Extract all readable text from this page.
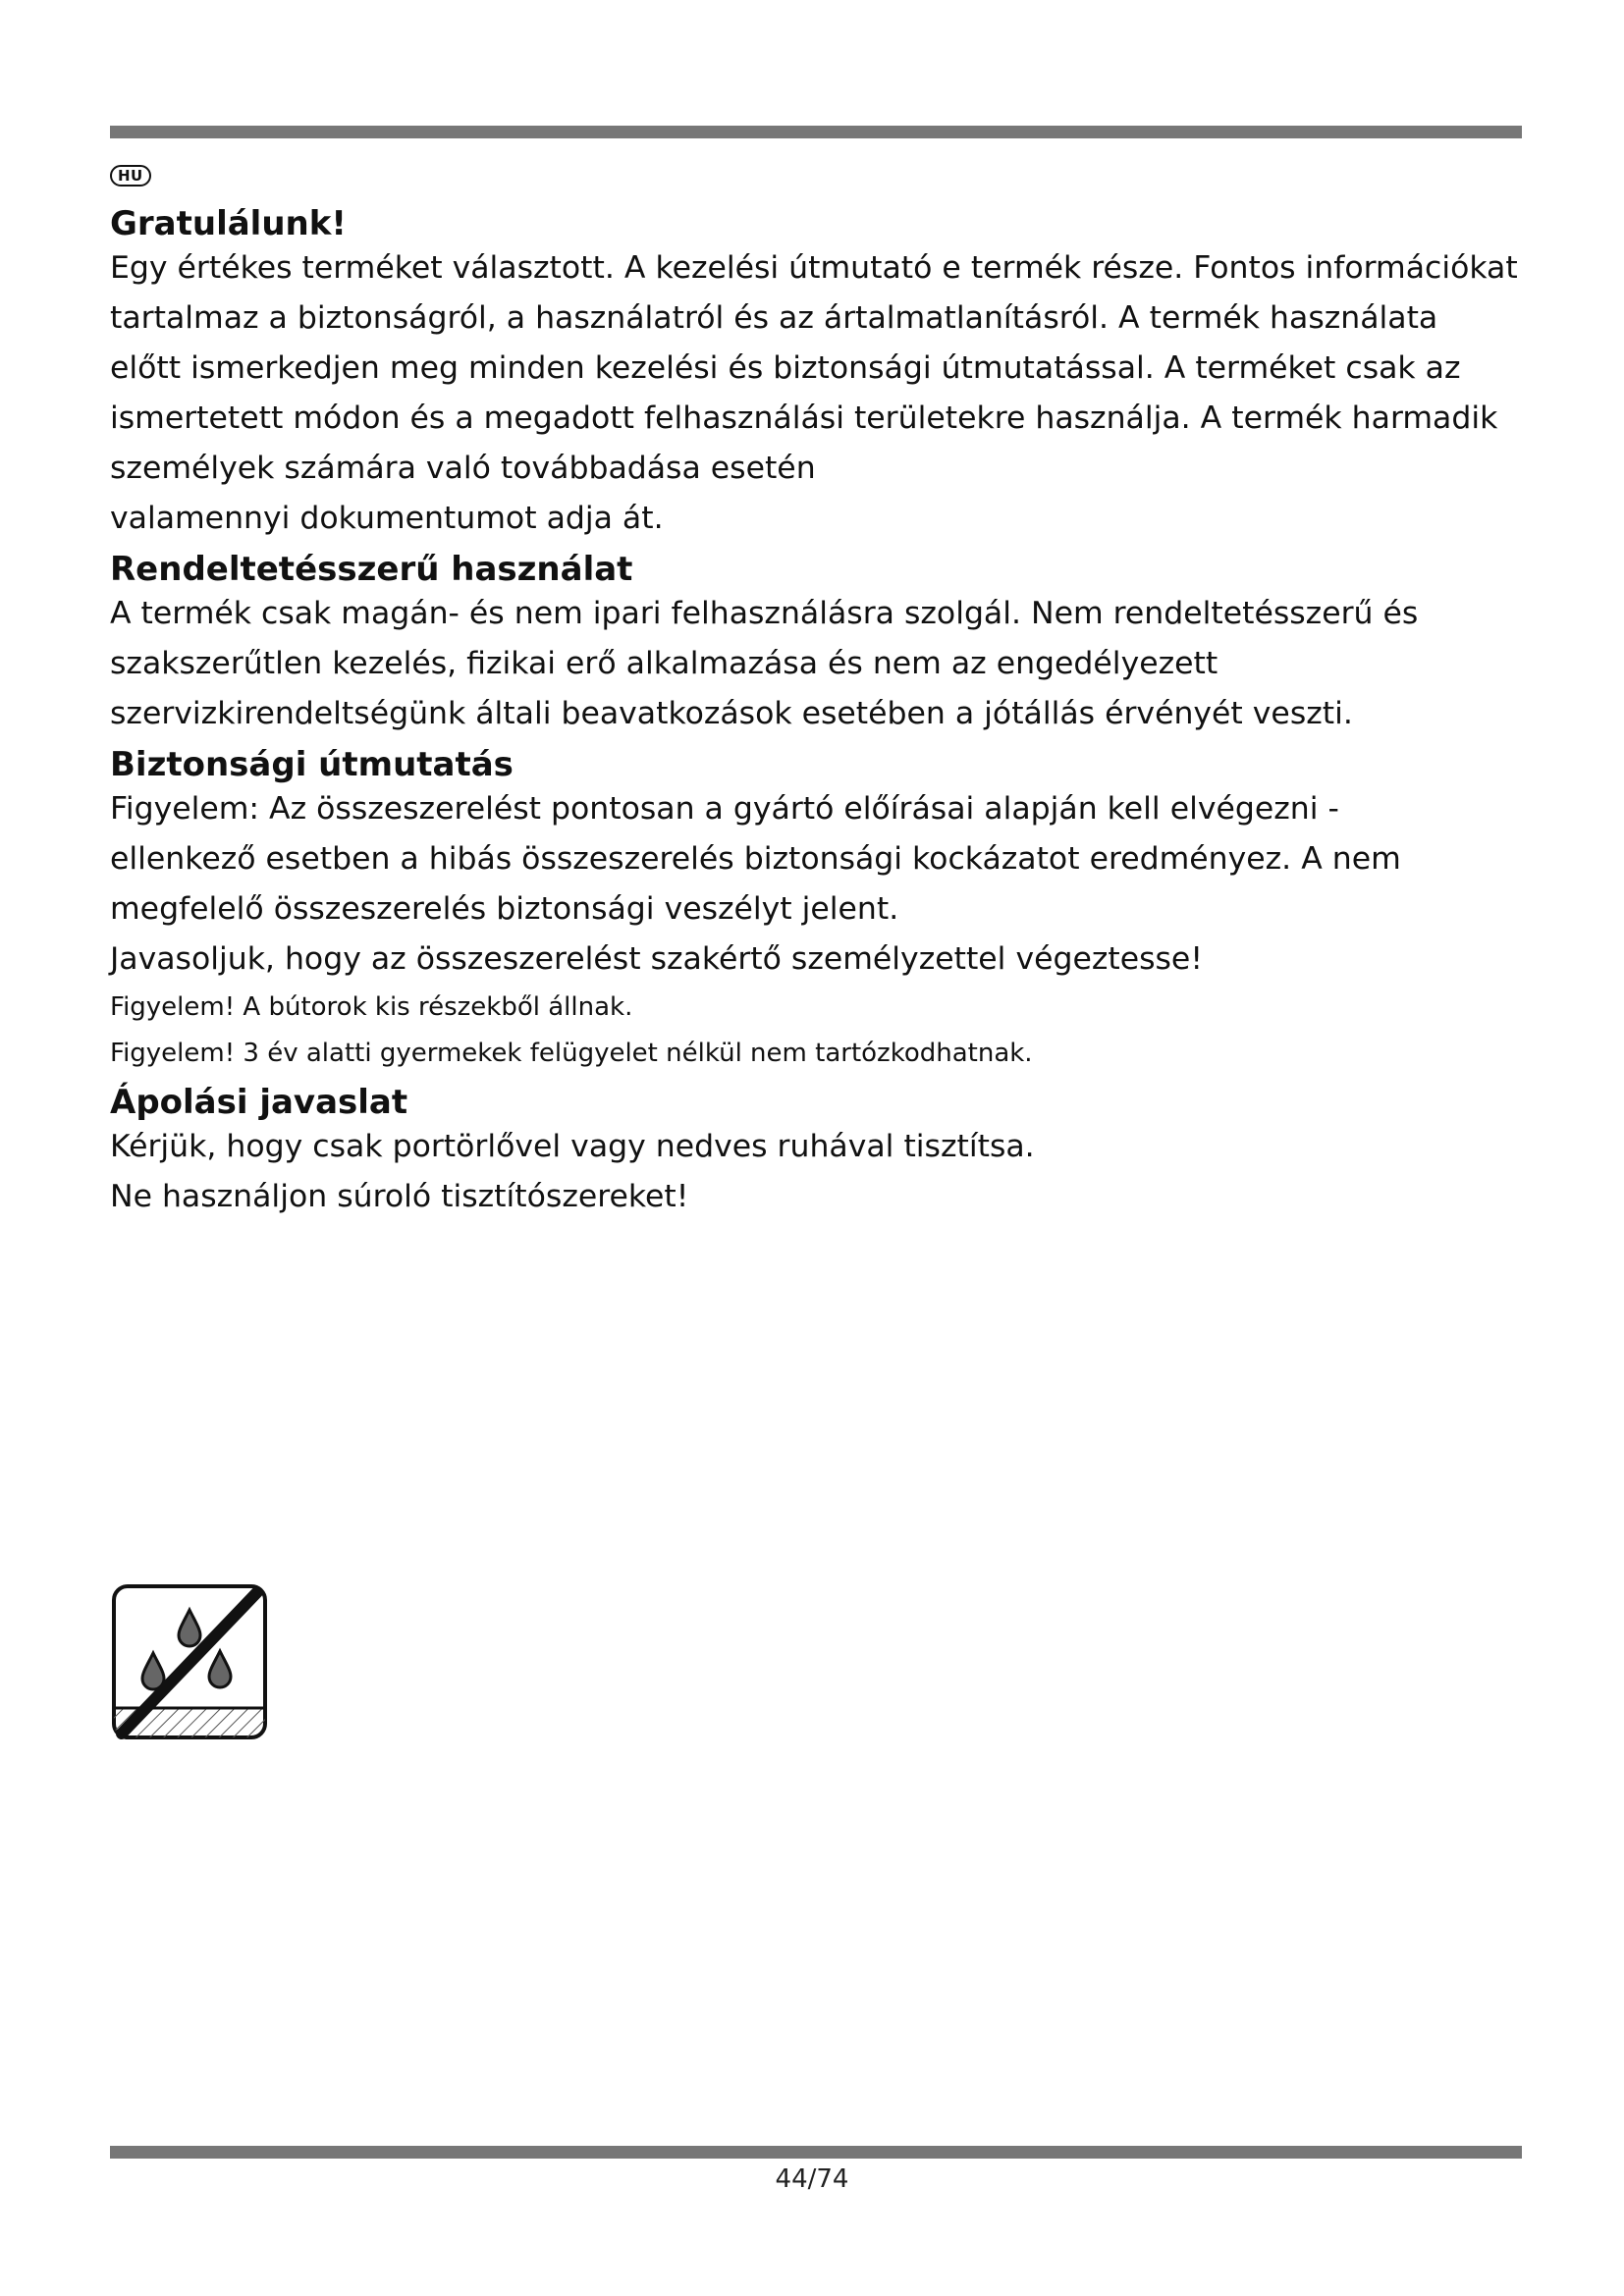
HU
Gratulálunk!

Egy értékes terméket választott. A kezelési útmutató e termék része. Fontos információkat

tartalmaz a biztonságról, a használatról és az ártalmatlanításról. A termék használata

előtt ismerkedjen meg minden kezelési és biztonsági útmutatással. A terméket csak az

ismertetett módon és a megadott felhasználási területekre használja. A termék harmadik

személyek számára való továbbadása esetén

valamennyi dokumentumot adja át.

Rendeltetésszerű használat

A termék csak magán- és nem ipari felhasználásra szolgál. Nem rendeltetésszerű és

szakszerűtlen kezelés, fizikai erő alkalmazása és nem az engedélyezett

szervizkirendeltségünk általi beavatkozások esetében a jótállás érvényét veszti.

Biztonsági útmutatás

Figyelem: Az összeszerelést pontosan a gyártó előírásai alapján kell elvégezni -

ellenkező esetben a hibás összeszerelés biztonsági kockázatot eredményez. A nem

megfelelő összeszerelés biztonsági veszélyt jelent.

Javasoljuk, hogy az összeszerelést szakértő személyzettel végeztesse!

Figyelem! A bútorok kis részekből állnak.

Figyelem! 3 év alatti gyermekek felügyelet nélkül nem tartózkodhatnak.

Ápolási javaslat

Kérjük, hogy csak portörlővel vagy nedves ruhával tisztítsa.

Ne használjon súroló tisztítószereket!

44/74
